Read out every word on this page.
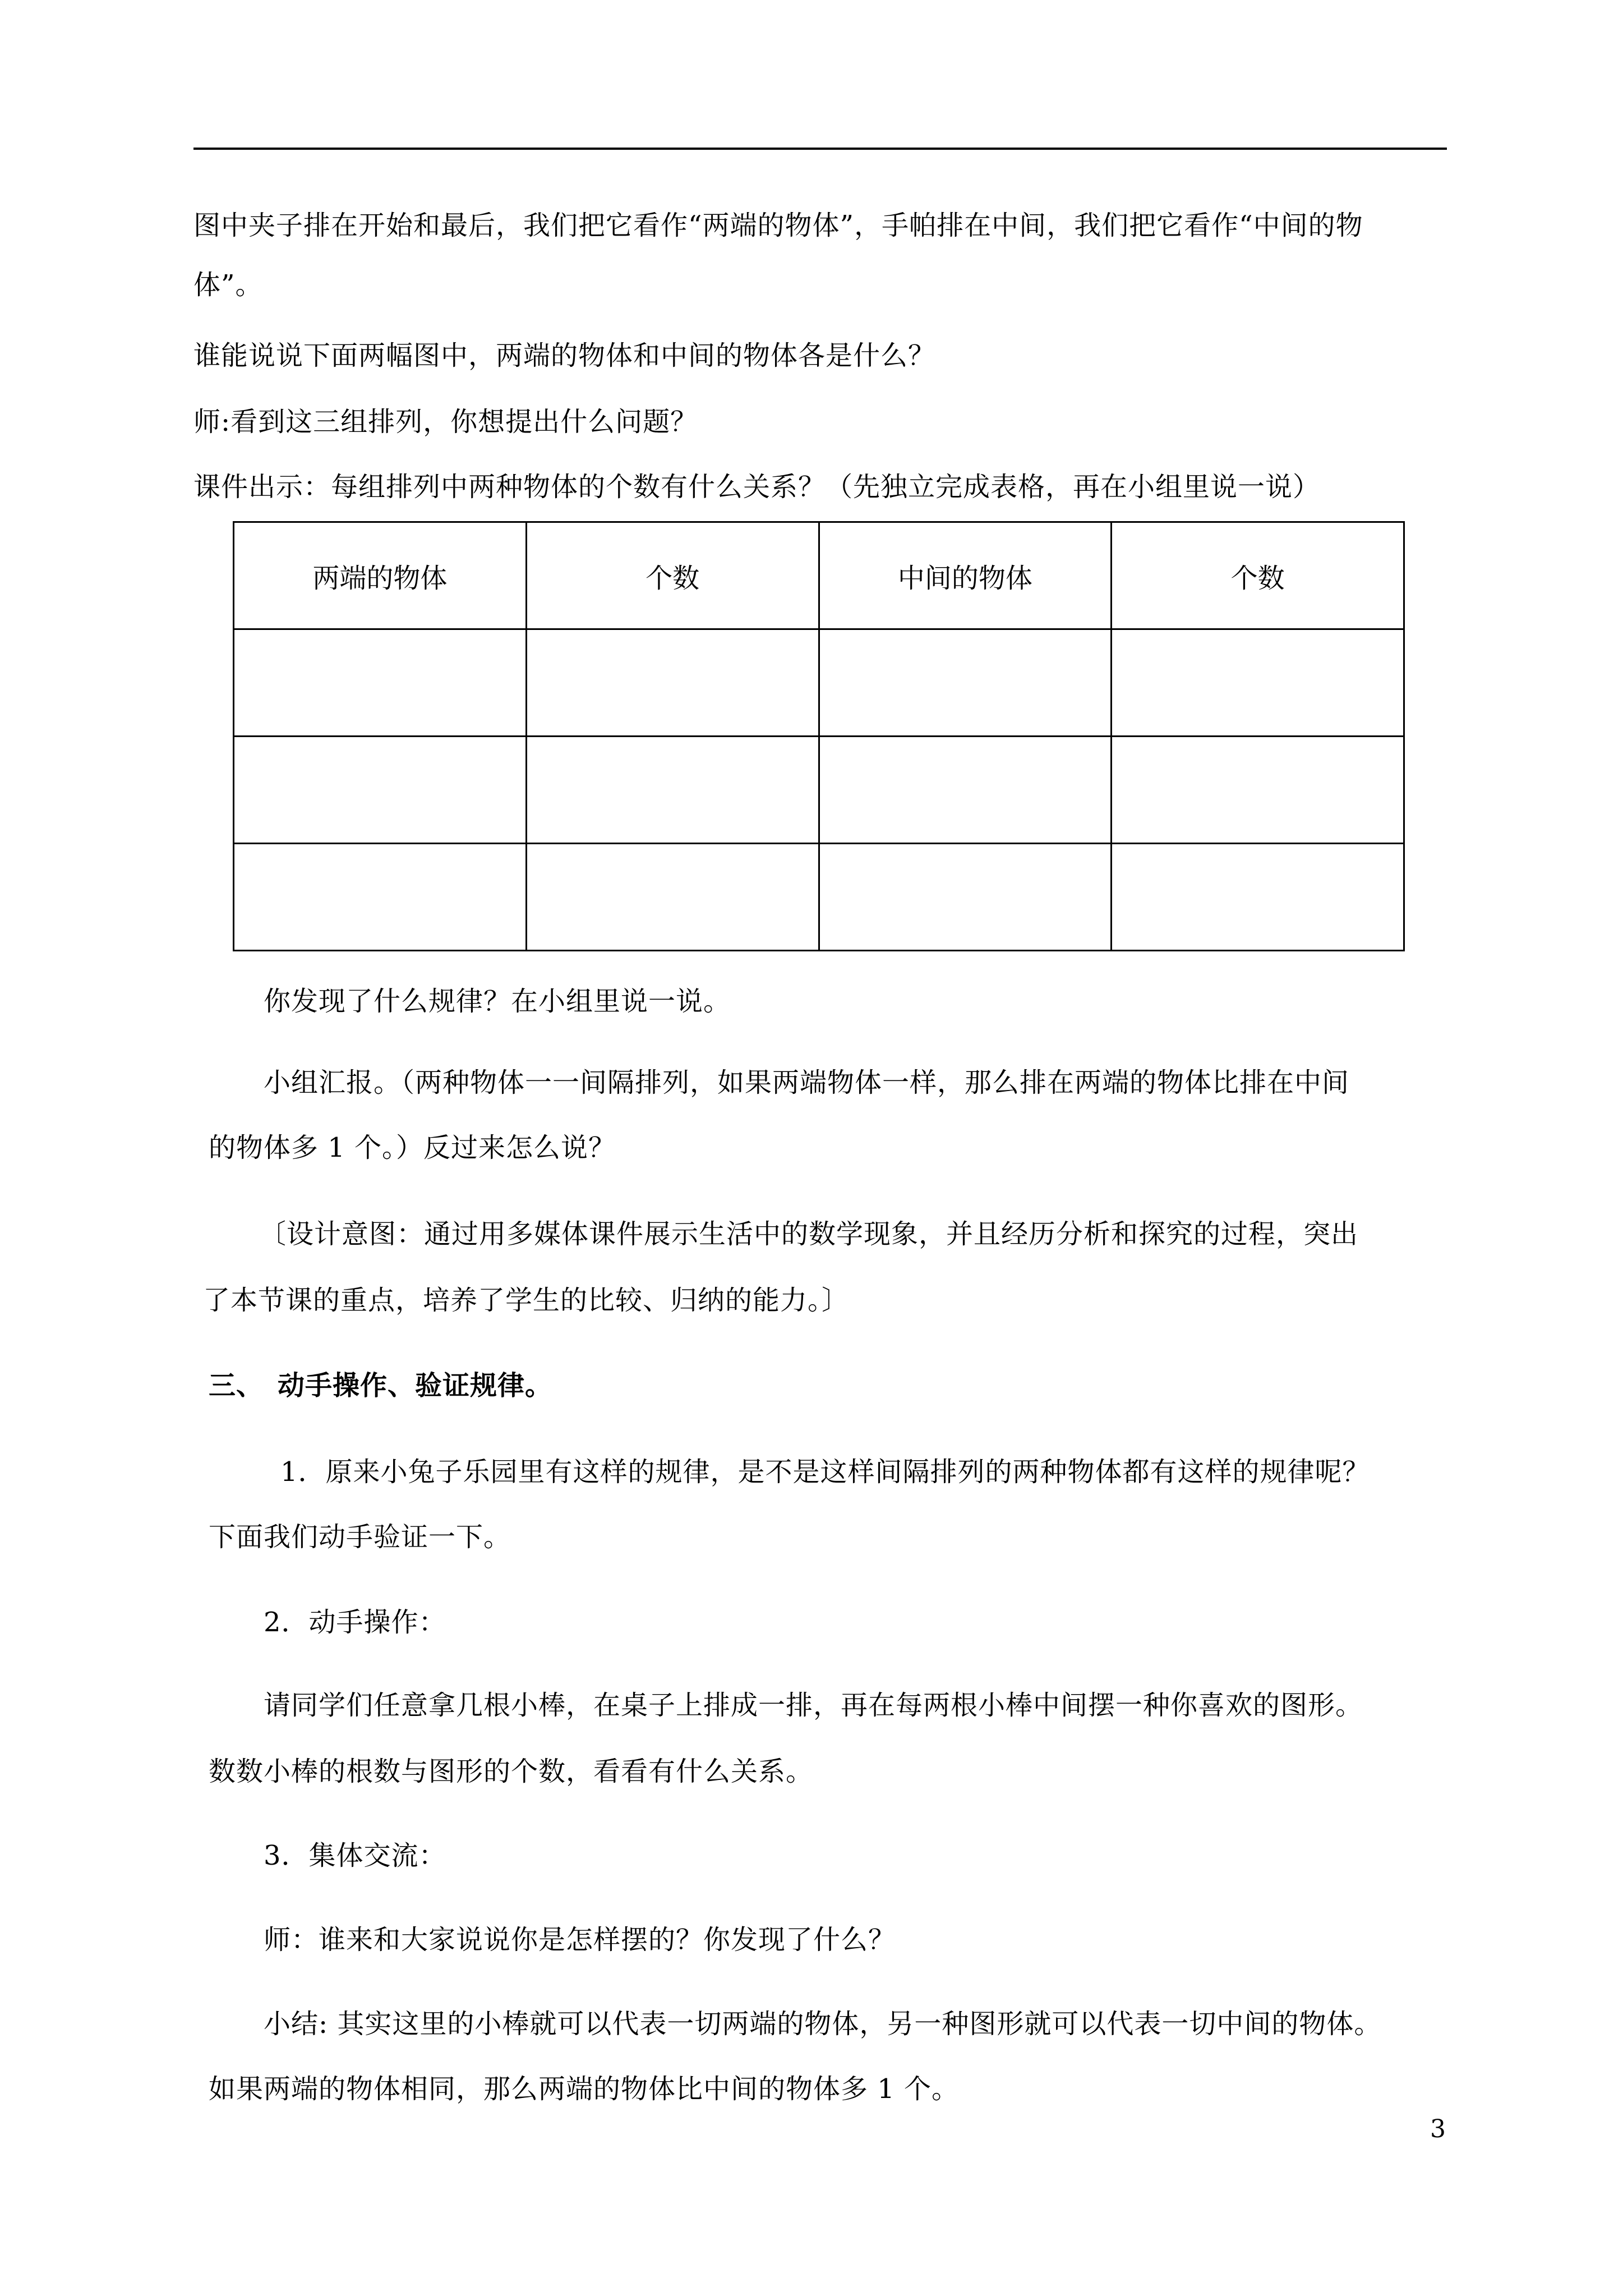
图中夹子排在开始和最后，我们把它看作“两端的物体”，手帕排在中间，我们把它看作“中间的物
体”。
谁能说说下面两幅图中，两端的物体和中间的物体各是什么？
师:看到这三组排列，你想提出什么问题？
课件出示：每组排列中两种物体的个数有什么关系？（先独立完成表格，再在小组里说一说）
两端的物体	个数	中间的物体	个数

你发现了什么规律？在小组里说一说。
小组汇报。（两种物体一一间隔排列，如果两端物体一样，那么排在两端的物体比排在中间
的物体多 1 个。）反过来怎么说？
〔设计意图：通过用多媒体课件展示生活中的数学现象，并且经历分析和探究的过程，突出
了本节课的重点，培养了学生的比较、归纳的能力。〕
三、　动手操作、验证规律。
1．原来小兔子乐园里有这样的规律，是不是这样间隔排列的两种物体都有这样的规律呢？
下面我们动手验证一下。
2．动手操作：
请同学们任意拿几根小棒，在桌子上排成一排，再在每两根小棒中间摆一种你喜欢的图形。
数数小棒的根数与图形的个数，看看有什么关系。
3．集体交流：
师：谁来和大家说说你是怎样摆的？你发现了什么？
小结: 其实这里的小棒就可以代表一切两端的物体，另一种图形就可以代表一切中间的物体。
如果两端的物体相同，那么两端的物体比中间的物体多 1 个。
3
